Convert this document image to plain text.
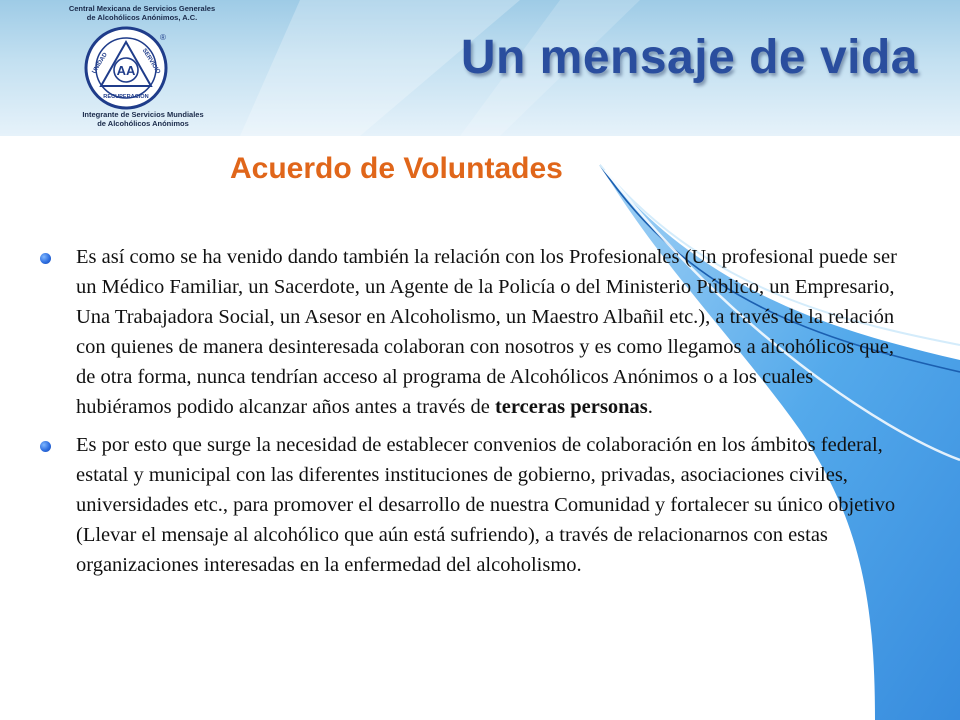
Central Mexicana de Servicios Generales
de Alcohólicos Anónimos, A.C.
AA
UNIDAD	SERVICIO
RECUPERACION
®
Integrante de Servicios Mundiales
de Alcohólicos Anónimos
Un mensaje de vida
Acuerdo de Voluntades
Es así como se ha venido dando también la relación con los Profesionales (Un profesional puede ser un Médico Familiar, un Sacerdote, un Agente de la Policía o del Ministerio Público, un Empresario, Una Trabajadora Social, un Asesor en Alcoholismo, un Maestro Albañil etc.), a través de la relación con quienes de manera desinteresada colaboran con nosotros y es como llegamos a alcohólicos que, de otra forma, nunca tendrían acceso al programa de Alcohólicos Anónimos o a los cuales hubiéramos podido alcanzar años antes a través de terceras personas.
Es por esto que surge la necesidad de establecer convenios de colaboración en los ámbitos federal, estatal y municipal con las diferentes instituciones de gobierno, privadas, asociaciones civiles, universidades etc., para promover el desarrollo de nuestra Comunidad y fortalecer su único objetivo (Llevar el mensaje al alcohólico que aún está sufriendo), a través de relacionarnos con estas organizaciones interesadas en la enfermedad del alcoholismo.
